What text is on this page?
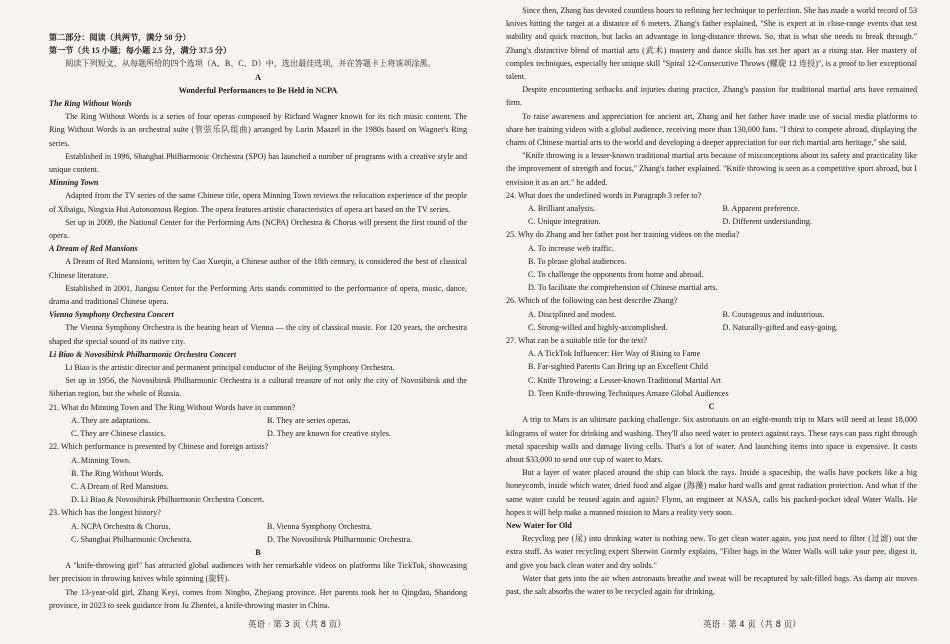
第二部分：阅读（共两节，满分 50 分）

第一节（共 15 小题；每小题 2.5 分，满分 37.5 分）

阅读下列短文，从每题所给的四个选项（A、B、C、D）中，选出最佳选项，并在答题卡上将该项涂黑。

A

Wonderful Performances to Be Held in NCPA

The Ring Without Words

The Ring Without Words is a series of four operas composed by Richard Wagner known for its rich music content. The Ring Without Words is an orchestral suite (管弦乐队组曲) arranged by Lorin Maazel in the 1980s based on Wagner's Ring series.

Established in 1996, Shanghai Philharmonic Orchestra (SPO) has launched a number of programs with a creative style and unique content.

Minning Town

Adapted from the TV series of the same Chinese title, opera Minning Town reviews the relocation experience of the people of Xihaigu, Ningxia Hui Autonomous Region. The opera features artistic characteristics of opera art based on the TV series.

Set up in 2009, the National Center for the Performing Arts (NCPA) Orchestra & Chorus will present the first round of the opera.

A Dream of Red Mansions

A Dream of Red Mansions, written by Cao Xueqin, a Chinese author of the 18th century, is considered the best of classical Chinese literature.

Established in 2001, Jiangsu Center for the Performing Arts stands committed to the performance of opera, music, dance, drama and traditional Chinese opera.

Vienna Symphony Orchestra Concert

The Vienna Symphony Orchestra is the beating heart of Vienna — the city of classical music. For 120 years, the orchestra shaped the special sound of its native city.

Li Biao & Novosibirsk Philharmonic Orchestra Concert

Li Biao is the artistic director and permanent principal conductor of the Beijing Symphony Orchestra.

Set up in 1956, the Novosibirsk Philharmonic Orchestra is a cultural treasure of not only the city of Novosibirsk and the Siberian region, but the whole of Russia.

21. What do Minning Town and The Ring Without Words have in common?

A. They are adaptations.	B. They are series operas.
C. They are Chinese classics.	D. They are known for creative styles.

22. Which performance is presented by Chinese and foreign artists?

A. Minning Town.

B. The Ring Without Words.

C. A Dream of Red Mansions.

D. Li Biao & Novosibirsk Philharmonic Orchestra Concert.

23. Which has the longest history?

A. NCPA Orchestra & Chorus.	B. Vienna Symphony Orchestra.
C. Shanghai Philharmonic Orchestra.	D. The Novosibirsk Philharmonic Orchestra.

B

A "knife-throwing girl" has attracted global audiences with her remarkable videos on platforms like TickTok, showcasing her precision in throwing knives while spinning (旋转).

The 13-year-old girl, Zhang Keyi, comes from Ningbo, Zhejiang province. Her parents took her to Qingdao, Shandong province, in 2023 to seek guidance from Ju Zhenfei, a knife-throwing master in China.

Since then, Zhang has devoted countless hours to refining her technique to perfection. She has made a world record of 53 knives hitting the target at a distance of 6 meters. Zhang's father explained, "She is expert at in close-range events that test stability and quick reaction, but lacks an advantage in long-distance throws. So, that is what she needs to break through." Zhang's distinctive blend of martial arts (武术) mastery and dance skills has set her apart as a rising star. Her mastery of complex techniques, especially her unique skill "Spiral 12-Consecutive Throws (螺旋 12 连投)", is a proof to her exceptional talent.

Despite encountering setbacks and injuries during practice, Zhang's passion for traditional martial arts have remained firm.

To raise awareness and appreciation for ancient art, Zhang and her father have made use of social media platforms to share her training videos with a global audience, receiving more than 130,000 fans. "I thirst to compete abroad, displaying the charm of Chinese martial arts to the world and developing a deeper appreciation for our rich martial arts heritage," she said.

"Knife throwing is a lesser-known traditional martial arts because of misconceptions about its safety and practicality like the improvement of strength and focus," Zhang's father explained. "Knife throwing is seen as a competitive sport abroad, but I envision it as an art." he added.

24. What does the underlined words in Paragraph 3 refer to?

A. Brilliant analysis.	B. Apparent preference.
C. Unique integration.	D. Different understanding.

25. Why do Zhang and her father post her training videos on the media?

A. To increase web traffic.

B. To please global audiences.

C. To challenge the opponents from home and abroad.

D. To facilitate the comprehension of Chinese martial arts.

26. Which of the following can best describe Zhang?

A. Disciplined and modest.	B. Courageous and industrious.
C. Strong-willed and highly-accomplished.	D. Naturally-gifted and easy-going.

27. What can be a suitable title for the text?

A. A TickTok Influencer: Her Way of Rising to Fame

B. Far-sighted Parents Can Bring up an Excellent Child

C. Knife Throwing: a Lesser-known Traditional Martial Art

D. Teen Knife-throwing Techniques Amaze Global Audiences

C

A trip to Mars is an ultimate packing challenge. Six astronauts on an eight-month trip to Mars will need at least 18,000 kilograms of water for drinking and washing. They'll also need water to protect against rays. These rays can pass right through metal spaceship walls and damage living cells. That's a lot of water. And launching items into space is expensive. It costs about $33,000 to send one cup of water to Mars.

But a layer of water placed around the ship can block the rays. Inside a spaceship, the walls have pockets like a big honeycomb, inside which water, dried food and algae (海藻) make hard walls and great radiation protection. And what if the same water could be reused again and again? Flynn, an engineer at NASA, calls his packed-pocket ideal Water Walls. He hopes it will help make a manned mission to Mars a reality very soon.

New Water for Old

Recycling pee (尿) into drinking water is nothing new. To get clean water again, you just need to filter (过滤) out the extra stuff. As water recycling expert Sherwin Gormly explains, "Filter bags in the Water Walls will take your pee, digest it, and give you back clean water and dry solids."

Water that gets into the air when astronauts breathe and sweat will be recaptured by salt-filled bags. As damp air moves past, the salt absorbs the water to be recycled again for drinking.

英语 · 第 3 页（共 8 页）	英语 · 第 4 页（共 8 页）
